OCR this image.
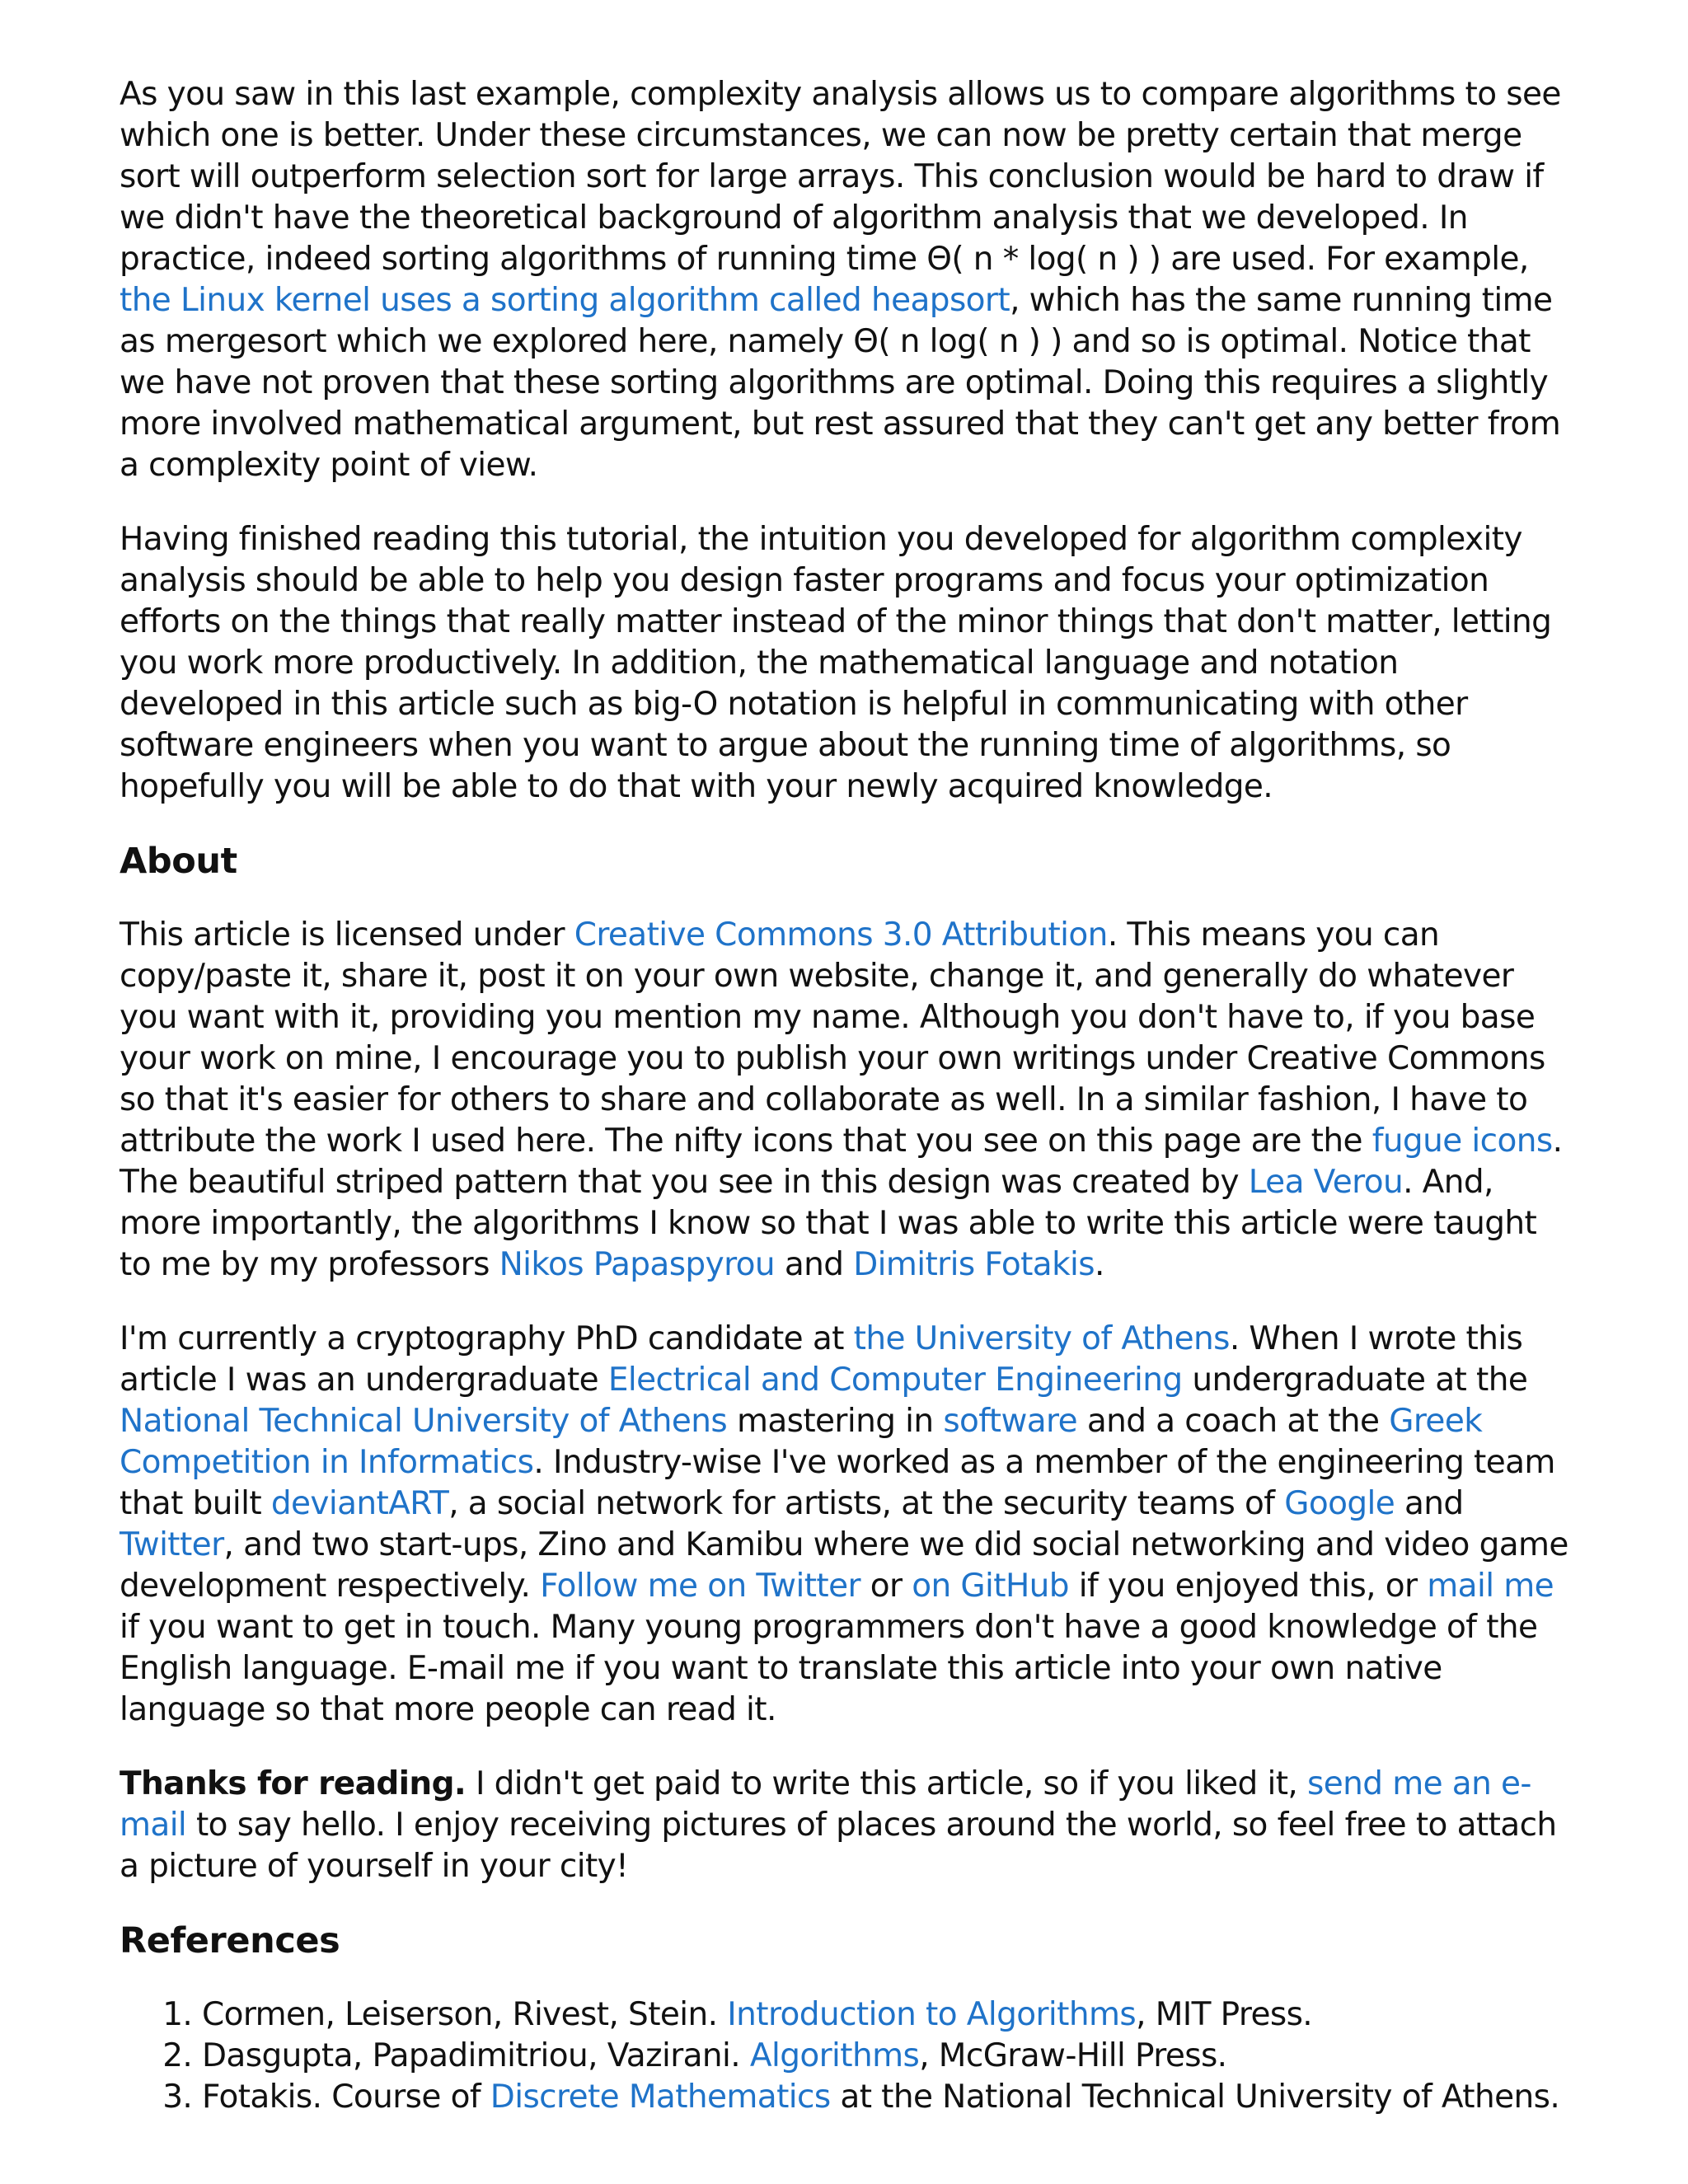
As you saw in this last example, complexity analysis allows us to compare algorithms to see which one is better. Under these circumstances, we can now be pretty certain that merge sort will outperform selection sort for large arrays. This conclusion would be hard to draw if we didn't have the theoretical background of algorithm analysis that we developed. In practice, indeed sorting algorithms of running time Θ( n * log( n ) ) are used. For example, the Linux kernel uses a sorting algorithm called heapsort, which has the same running time as mergesort which we explored here, namely Θ( n log( n ) ) and so is optimal. Notice that we have not proven that these sorting algorithms are optimal. Doing this requires a slightly more involved mathematical argument, but rest assured that they can't get any better from a complexity point of view.

Having finished reading this tutorial, the intuition you developed for algorithm complexity analysis should be able to help you design faster programs and focus your optimization efforts on the things that really matter instead of the minor things that don't matter, letting you work more productively. In addition, the mathematical language and notation developed in this article such as big-O notation is helpful in communicating with other software engineers when you want to argue about the running time of algorithms, so hopefully you will be able to do that with your newly acquired knowledge.

About

This article is licensed under Creative Commons 3.0 Attribution. This means you can copy/paste it, share it, post it on your own website, change it, and generally do whatever you want with it, providing you mention my name. Although you don't have to, if you base your work on mine, I encourage you to publish your own writings under Creative Commons so that it's easier for others to share and collaborate as well. In a similar fashion, I have to attribute the work I used here. The nifty icons that you see on this page are the fugue icons. The beautiful striped pattern that you see in this design was created by Lea Verou. And, more importantly, the algorithms I know so that I was able to write this article were taught to me by my professors Nikos Papaspyrou and Dimitris Fotakis.

I'm currently a cryptography PhD candidate at the University of Athens. When I wrote this article I was an undergraduate Electrical and Computer Engineering undergraduate at the National Technical University of Athens mastering in software and a coach at the Greek Competition in Informatics. Industry-wise I've worked as a member of the engineering team that built deviantART, a social network for artists, at the security teams of Google and Twitter, and two start-ups, Zino and Kamibu where we did social networking and video game development respectively. Follow me on Twitter or on GitHub if you enjoyed this, or mail me if you want to get in touch. Many young programmers don't have a good knowledge of the English language. E-mail me if you want to translate this article into your own native language so that more people can read it.

Thanks for reading. I didn't get paid to write this article, so if you liked it, send me an e-mail to say hello. I enjoy receiving pictures of places around the world, so feel free to attach a picture of yourself in your city!

References
1. Cormen, Leiserson, Rivest, Stein. Introduction to Algorithms, MIT Press.
2. Dasgupta, Papadimitriou, Vazirani. Algorithms, McGraw-Hill Press.
3. Fotakis. Course of Discrete Mathematics at the National Technical University of Athens.
